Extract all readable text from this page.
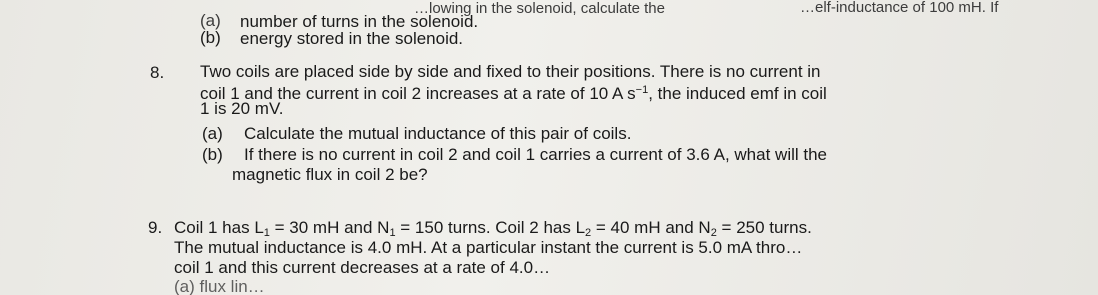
…lowing in the solenoid, calculate the	…elf-inductance of 100 mH. If
(a) number of turns in the solenoid.
(b) energy stored in the solenoid.
8. Two coils are placed side by side and fixed to their positions. There is no current in
coil 1 and the current in coil 2 increases at a rate of 10 A $s^{-1}$, the induced emf in coil
1 is 20 mV.
(a) Calculate the mutual inductance of this pair of coils.
(b) If there is no current in coil 2 and coil 1 carries a current of 3.6 A, what will the
magnetic flux in coil 2 be?
9. Coil 1 has $L_1 = 30$ mH and $N_1 = 150$ turns. Coil 2 has $L_2 = 40$ mH and $N_2 = 250$ turns.
The mutual inductance is 4.0 mH. At a particular instant the current is 5.0 mA thro…
coil 1 and this current decreases at a rate of 4.0…
(a) flux lin…
